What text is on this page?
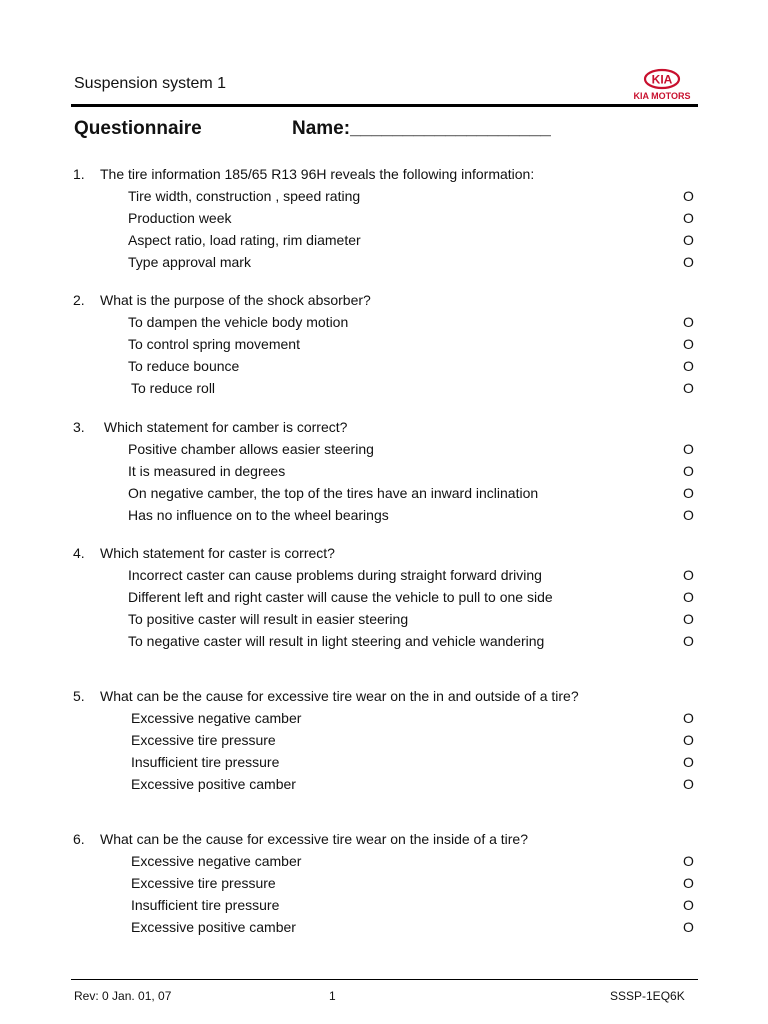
Suspension system 1	KIA
KIA MOTORS
Questionnaire	Name:___________________
1. The tire information 185/65 R13 96H reveals the following information:
Tire width, construction , speed rating	O
Production week	O
Aspect ratio, load rating, rim diameter	O
Type approval mark	O
2. What is the purpose of the shock absorber?
To dampen the vehicle body motion	O
To control spring movement	O
To reduce bounce	O
To reduce roll	O
3. Which statement for camber is correct?
Positive chamber allows easier steering	O
It is measured in degrees	O
On negative camber, the top of the tires have an inward inclination	O
Has no influence on to the wheel bearings	O
4. Which statement for caster is correct?
Incorrect caster can cause problems during straight forward driving	O
Different left and right caster will cause the vehicle to pull to one side	O
To positive caster will result in easier steering	O
To negative caster will result in light steering and vehicle wandering	O
5. What can be the cause for excessive tire wear on the in and outside of a tire?
Excessive negative camber	O
Excessive tire pressure	O
Insufficient tire pressure	O
Excessive positive camber	O
6. What can be the cause for excessive tire wear on the inside of a tire?
Excessive negative camber	O
Excessive tire pressure	O
Insufficient tire pressure	O
Excessive positive camber	O
Rev: 0 Jan. 01, 07	1	SSSP-1EQ6K
